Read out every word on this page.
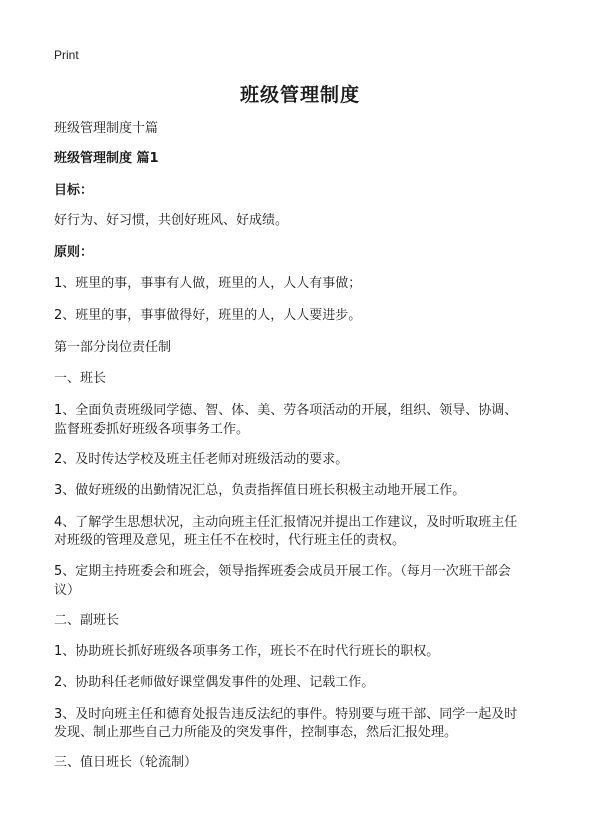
Print
班级管理制度
班级管理制度十篇
班级管理制度 篇1
目标：
好行为、好习惯，共创好班风、好成绩。
原则：
1、班里的事，事事有人做，班里的人，人人有事做；
2、班里的事，事事做得好，班里的人，人人要进步。
第一部分岗位责任制
一、班长
1、全面负责班级同学德、智、体、美、劳各项活动的开展，组织、领导、协调、
监督班委抓好班级各项事务工作。
2、及时传达学校及班主任老师对班级活动的要求。
3、做好班级的出勤情况汇总，负责指挥值日班长积极主动地开展工作。
4、了解学生思想状况，主动向班主任汇报情况并提出工作建议，及时听取班主任
对班级的管理及意见，班主任不在校时，代行班主任的责权。
5、定期主持班委会和班会，领导指挥班委会成员开展工作。（每月一次班干部会
议）
二、副班长
1、协助班长抓好班级各项事务工作，班长不在时代行班长的职权。
2、协助科任老师做好课堂偶发事件的处理、记载工作。
3、及时向班主任和德育处报告违反法纪的事件。特别要与班干部、同学一起及时
发现、制止那些自己力所能及的突发事件，控制事态，然后汇报处理。
三、值日班长（轮流制）
